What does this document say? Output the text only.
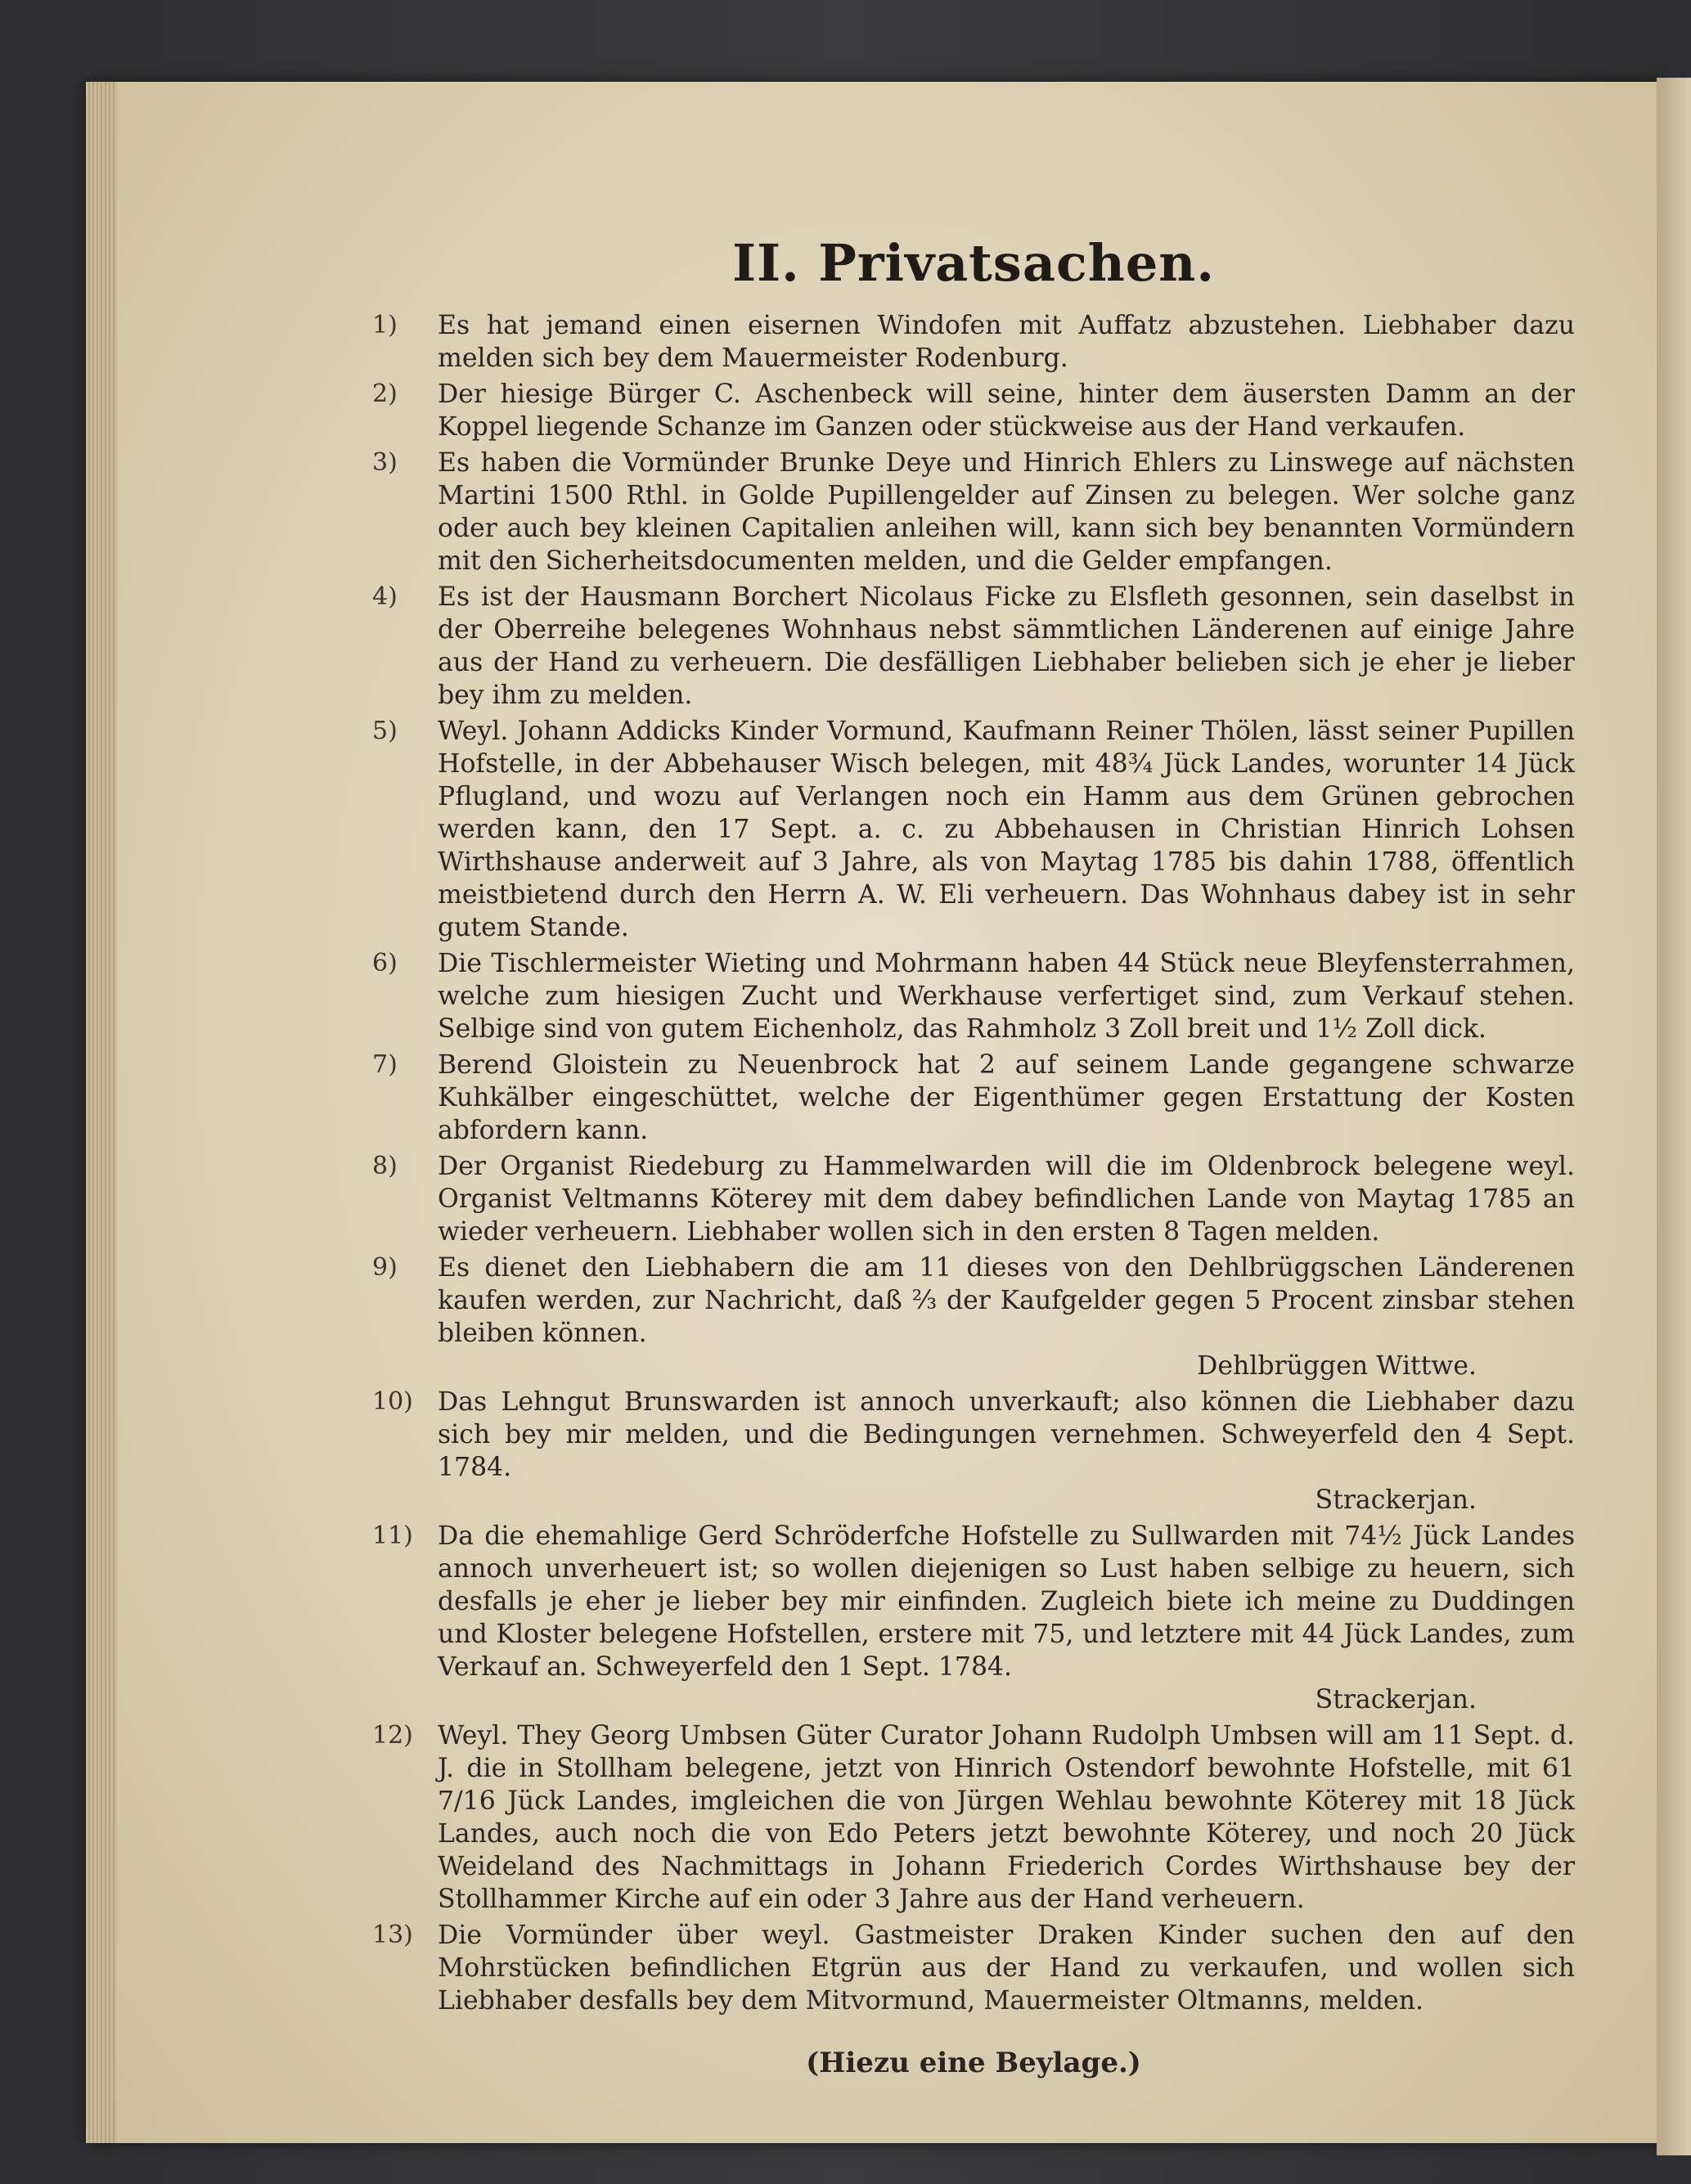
II. Privatsachen.
1) Es hat jemand einen eisernen Windofen mit Auffatz abzustehen. Liebhaber dazu melden sich bey dem Mauermeister Rodenburg.
2) Der hiesige Bürger C. Aschenbeck will seine, hinter dem äusersten Damm an der Koppel liegende Schanze im Ganzen oder stückweise aus der Hand verkaufen.
3) Es haben die Vormünder Brunke Deye und Hinrich Ehlers zu Linswege auf nächsten Martini 1500 Rthl. in Golde Pupillengelder auf Zinsen zu belegen. Wer solche ganz oder auch bey kleinen Capitalien anleihen will, kann sich bey benannten Vormündern mit den Sicherheitsdocumenten melden, und die Gelder empfangen.
4) Es ist der Hausmann Borchert Nicolaus Ficke zu Elsfleth gesonnen, sein daselbst in der Oberreihe belegenes Wohnhaus nebst sämmtlichen Länderenen auf einige Jahre aus der Hand zu verheuern. Die desfälligen Liebhaber belieben sich je eher je lieber bey ihm zu melden.
5) Weyl. Johann Addicks Kinder Vormund, Kaufmann Reiner Thölen, lässt seiner Pupillen Hofstelle, in der Abbehauser Wisch belegen, mit 48¾ Jück Landes, worunter 14 Jück Pflugland, und wozu auf Verlangen noch ein Hamm aus dem Grünen gebrochen werden kann, den 17 Sept. a. c. zu Abbehausen in Christian Hinrich Lohsen Wirthshause anderweit auf 3 Jahre, als von Maytag 1785 bis dahin 1788, öffentlich meistbietend durch den Herrn A. W. Eli verheuern. Das Wohnhaus dabey ist in sehr gutem Stande.
6) Die Tischlermeister Wieting und Mohrmann haben 44 Stück neue Bleyfensterrahmen, welche zum hiesigen Zucht und Werkhause verfertiget sind, zum Verkauf stehen. Selbige sind von gutem Eichenholz, das Rahmholz 3 Zoll breit und 1½ Zoll dick.
7) Berend Gloistein zu Neuenbrock hat 2 auf seinem Lande gegangene schwarze Kuhkälber eingeschüttet, welche der Eigenthümer gegen Erstattung der Kosten abfordern kann.
8) Der Organist Riedeburg zu Hammelwarden will die im Oldenbrock belegene weyl. Organist Veltmanns Köterey mit dem dabey befindlichen Lande von Maytag 1785 an wieder verheuern. Liebhaber wollen sich in den ersten 8 Tagen melden.
9) Es dienet den Liebhabern die am 11 dieses von den Dehlbrüggschen Länderenen kaufen werden, zur Nachricht, daß ⅔ der Kaufgelder gegen 5 Procent zinsbar stehen bleiben können.
Dehlbrüggen Wittwe.
10) Das Lehngut Brunswarden ist annoch unverkauft; also können die Liebhaber dazu sich bey mir melden, und die Bedingungen vernehmen. Schweyerfeld den 4 Sept. 1784.
Strackerjan.
11) Da die ehemahlige Gerd Schröderfche Hofstelle zu Sullwarden mit 74½ Jück Landes annoch unverheuert ist; so wollen diejenigen so Lust haben selbige zu heuern, sich desfalls je eher je lieber bey mir einfinden. Zugleich biete ich meine zu Duddingen und Kloster belegene Hofstellen, erstere mit 75, und letztere mit 44 Jück Landes, zum Verkauf an. Schweyerfeld den 1 Sept. 1784.
Strackerjan.
12) Weyl. They Georg Umbsen Güter Curator Johann Rudolph Umbsen will am 11 Sept. d. J. die in Stollham belegene, jetzt von Hinrich Ostendorf bewohnte Hofstelle, mit 61 7/16 Jück Landes, imgleichen die von Jürgen Wehlau bewohnte Köterey mit 18 Jück Landes, auch noch die von Edo Peters jetzt bewohnte Köterey, und noch 20 Jück Weideland des Nachmittags in Johann Friederich Cordes Wirthshause bey der Stollhammer Kirche auf ein oder 3 Jahre aus der Hand verheuern.
13) Die Vormünder über weyl. Gastmeister Draken Kinder suchen den auf den Mohrstücken befindlichen Etgrün aus der Hand zu verkaufen, und wollen sich Liebhaber desfalls bey dem Mitvormund, Mauermeister Oltmanns, melden.
(Hiezu eine Beylage.)
